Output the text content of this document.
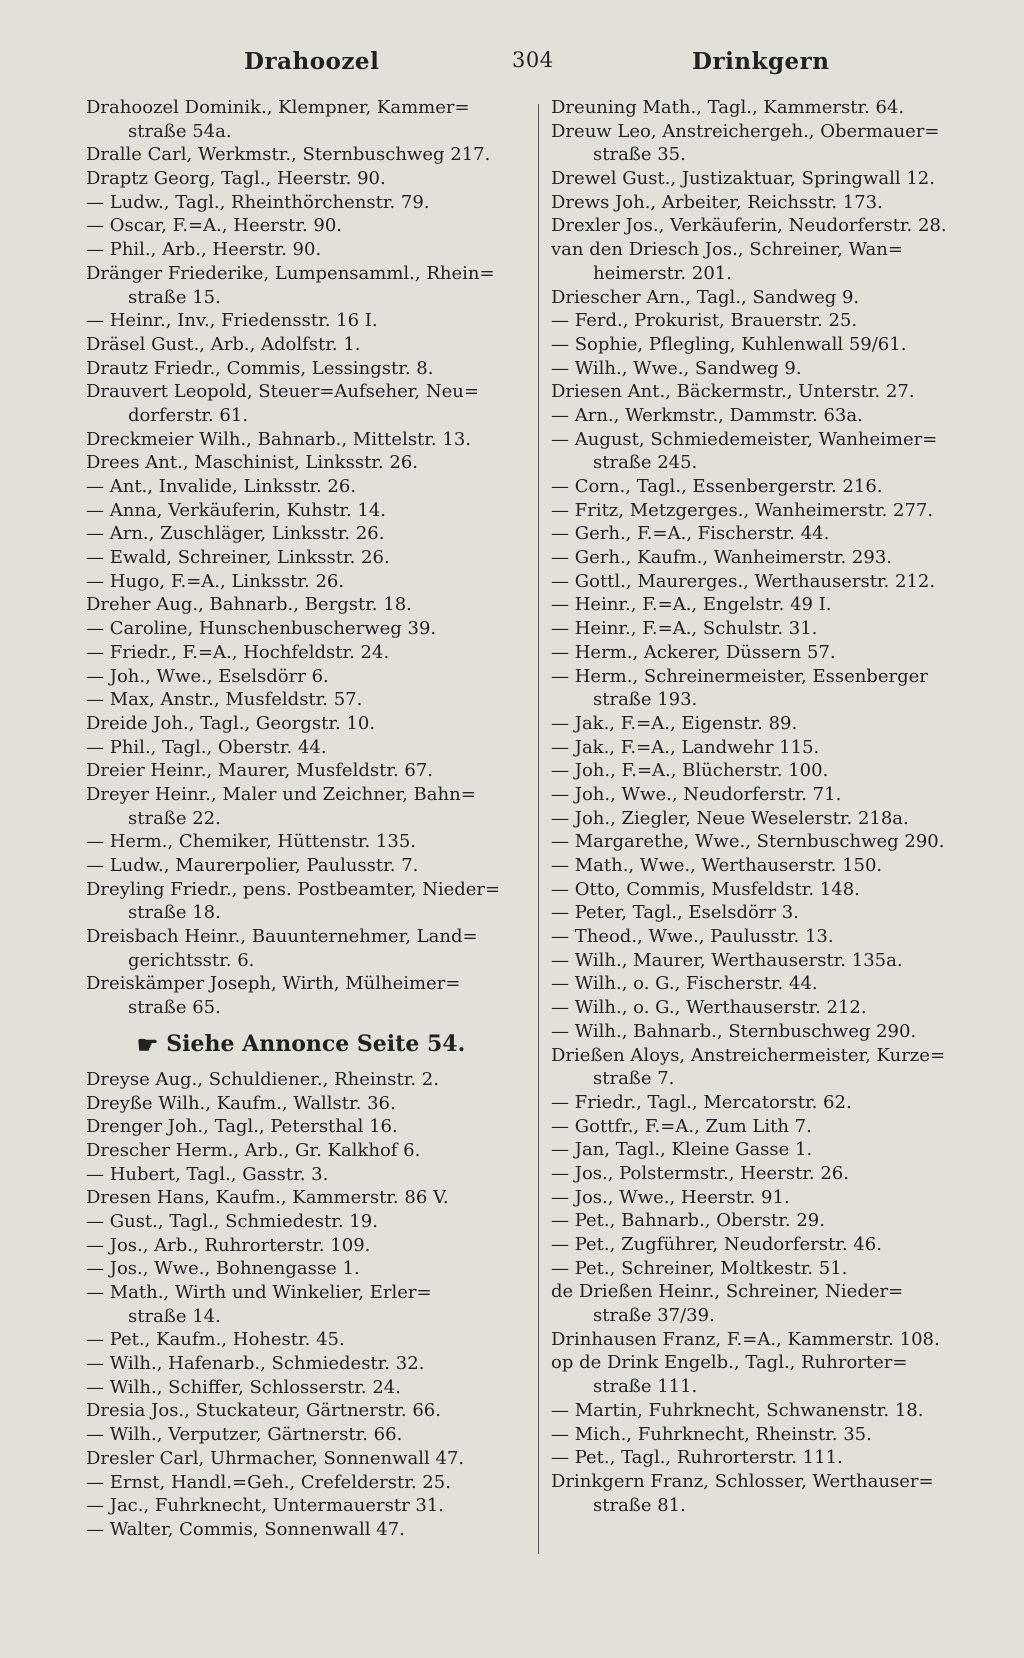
Drahoozel	304	Drinkgern
Drahoozel Dominik., Klempner, Kammer=
straße 54a.
Dralle Carl, Werkmstr., Sternbuschweg 217.
Draptz Georg, Tagl., Heerstr. 90.
— Ludw., Tagl., Rheinthörchenstr. 79.
— Oscar, F.=A., Heerstr. 90.
— Phil., Arb., Heerstr. 90.
Dränger Friederike, Lumpensamml., Rhein=
straße 15.
— Heinr., Inv., Friedensstr. 16 I.
Dräsel Gust., Arb., Adolfstr. 1.
Drautz Friedr., Commis, Lessingstr. 8.
Drauvert Leopold, Steuer=Aufseher, Neu=
dorferstr. 61.
Dreckmeier Wilh., Bahnarb., Mittelstr. 13.
Drees Ant., Maschinist, Linksstr. 26.
— Ant., Invalide, Linksstr. 26.
— Anna, Verkäuferin, Kuhstr. 14.
— Arn., Zuschläger, Linksstr. 26.
— Ewald, Schreiner, Linksstr. 26.
— Hugo, F.=A., Linksstr. 26.
Dreher Aug., Bahnarb., Bergstr. 18.
— Caroline, Hunschenbuscherweg 39.
— Friedr., F.=A., Hochfeldstr. 24.
— Joh., Wwe., Eselsdörr 6.
— Max, Anstr., Musfeldstr. 57.
Dreide Joh., Tagl., Georgstr. 10.
— Phil., Tagl., Oberstr. 44.
Dreier Heinr., Maurer, Musfeldstr. 67.
Dreyer Heinr., Maler und Zeichner, Bahn=
straße 22.
— Herm., Chemiker, Hüttenstr. 135.
— Ludw., Maurerpolier, Paulusstr. 7.
Dreyling Friedr., pens. Postbeamter, Nieder=
straße 18.
Dreisbach Heinr., Bauunternehmer, Land=
gerichtsstr. 6.
Dreiskämper Joseph, Wirth, Mülheimer=
straße 65.
☛ Siehe Annonce Seite 54.
Dreyse Aug., Schuldiener., Rheinstr. 2.
Dreyße Wilh., Kaufm., Wallstr. 36.
Drenger Joh., Tagl., Petersthal 16.
Drescher Herm., Arb., Gr. Kalkhof 6.
— Hubert, Tagl., Gasstr. 3.
Dresen Hans, Kaufm., Kammerstr. 86 V.
— Gust., Tagl., Schmiedestr. 19.
— Jos., Arb., Ruhrorterstr. 109.
— Jos., Wwe., Bohnengasse 1.
— Math., Wirth und Winkelier, Erler=
straße 14.
— Pet., Kaufm., Hohestr. 45.
— Wilh., Hafenarb., Schmiedestr. 32.
— Wilh., Schiffer, Schlosserstr. 24.
Dresia Jos., Stuckateur, Gärtnerstr. 66.
— Wilh., Verputzer, Gärtnerstr. 66.
Dresler Carl, Uhrmacher, Sonnenwall 47.
— Ernst, Handl.=Geh., Crefelderstr. 25.
— Jac., Fuhrknecht, Untermauerstr 31.
— Walter, Commis, Sonnenwall 47.
Dreuning Math., Tagl., Kammerstr. 64.
Dreuw Leo, Anstreichergeh., Obermauer=
straße 35.
Drewel Gust., Justizaktuar, Springwall 12.
Drews Joh., Arbeiter, Reichsstr. 173.
Drexler Jos., Verkäuferin, Neudorferstr. 28.
van den Driesch Jos., Schreiner, Wan=
heimerstr. 201.
Driescher Arn., Tagl., Sandweg 9.
— Ferd., Prokurist, Brauerstr. 25.
— Sophie, Pflegling, Kuhlenwall 59/61.
— Wilh., Wwe., Sandweg 9.
Driesen Ant., Bäckermstr., Unterstr. 27.
— Arn., Werkmstr., Dammstr. 63a.
— August, Schmiedemeister, Wanheimer=
straße 245.
— Corn., Tagl., Essenbergerstr. 216.
— Fritz, Metzgerges., Wanheimerstr. 277.
— Gerh., F.=A., Fischerstr. 44.
— Gerh., Kaufm., Wanheimerstr. 293.
— Gottl., Maurerges., Werthauserstr. 212.
— Heinr., F.=A., Engelstr. 49 I.
— Heinr., F.=A., Schulstr. 31.
— Herm., Ackerer, Düssern 57.
— Herm., Schreinermeister, Essenberger
straße 193.
— Jak., F.=A., Eigenstr. 89.
— Jak., F.=A., Landwehr 115.
— Joh., F.=A., Blücherstr. 100.
— Joh., Wwe., Neudorferstr. 71.
— Joh., Ziegler, Neue Weselerstr. 218a.
— Margarethe, Wwe., Sternbuschweg 290.
— Math., Wwe., Werthauserstr. 150.
— Otto, Commis, Musfeldstr. 148.
— Peter, Tagl., Eselsdörr 3.
— Theod., Wwe., Paulusstr. 13.
— Wilh., Maurer, Werthauserstr. 135a.
— Wilh., o. G., Fischerstr. 44.
— Wilh., o. G., Werthauserstr. 212.
— Wilh., Bahnarb., Sternbuschweg 290.
Drießen Aloys, Anstreichermeister, Kurze=
straße 7.
— Friedr., Tagl., Mercatorstr. 62.
— Gottfr., F.=A., Zum Lith 7.
— Jan, Tagl., Kleine Gasse 1.
— Jos., Polstermstr., Heerstr. 26.
— Jos., Wwe., Heerstr. 91.
— Pet., Bahnarb., Oberstr. 29.
— Pet., Zugführer, Neudorferstr. 46.
— Pet., Schreiner, Moltkestr. 51.
de Drießen Heinr., Schreiner, Nieder=
straße 37/39.
Drinhausen Franz, F.=A., Kammerstr. 108.
op de Drink Engelb., Tagl., Ruhrorter=
straße 111.
— Martin, Fuhrknecht, Schwanenstr. 18.
— Mich., Fuhrknecht, Rheinstr. 35.
— Pet., Tagl., Ruhrorterstr. 111.
Drinkgern Franz, Schlosser, Werthauser=
straße 81.
